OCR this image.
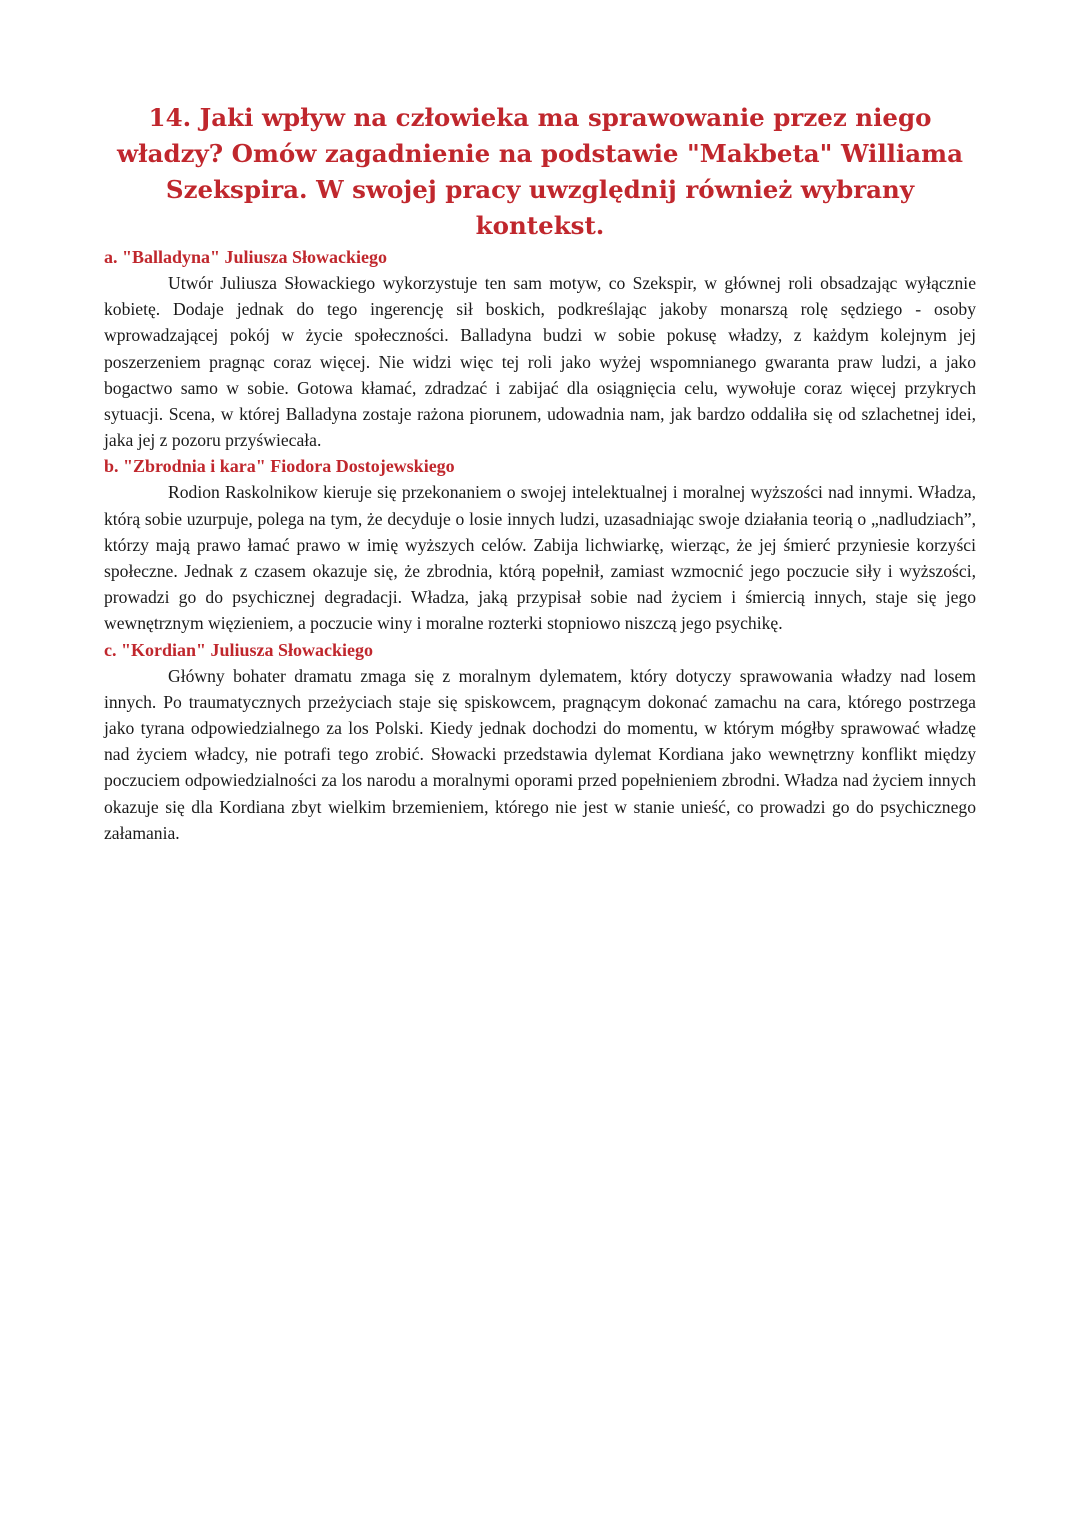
14. Jaki wpływ na człowieka ma sprawowanie przez niego władzy? Omów zagadnienie na podstawie "Makbeta" Williama Szekspira. W swojej pracy uwzględnij również wybrany kontekst.
a. "Balladyna" Juliusza Słowackiego

Utwór Juliusza Słowackiego wykorzystuje ten sam motyw, co Szekspir, w głównej roli obsadzając wyłącznie kobietę. Dodaje jednak do tego ingerencję sił boskich, podkreślając jakoby monarszą rolę sędziego - osoby wprowadzającej pokój w życie społeczności. Balladyna budzi w sobie pokusę władzy, z każdym kolejnym jej poszerzeniem pragnąc coraz więcej. Nie widzi więc tej roli jako wyżej wspomnianego gwaranta praw ludzi, a jako bogactwo samo w sobie. Gotowa kłamać, zdradzać i zabijać dla osiągnięcia celu, wywołuje coraz więcej przykrych sytuacji. Scena, w której Balladyna zostaje rażona piorunem, udowadnia nam, jak bardzo oddaliła się od szlachetnej idei, jaka jej z pozoru przyświecała.

b. "Zbrodnia i kara" Fiodora Dostojewskiego

Rodion Raskolnikow kieruje się przekonaniem o swojej intelektualnej i moralnej wyższości nad innymi. Władza, którą sobie uzurpuje, polega na tym, że decyduje o losie innych ludzi, uzasadniając swoje działania teorią o „nadludziach”, którzy mają prawo łamać prawo w imię wyższych celów. Zabija lichwiarkę, wierząc, że jej śmierć przyniesie korzyści społeczne. Jednak z czasem okazuje się, że zbrodnia, którą popełnił, zamiast wzmocnić jego poczucie siły i wyższości, prowadzi go do psychicznej degradacji. Władza, jaką przypisał sobie nad życiem i śmiercią innych, staje się jego wewnętrznym więzieniem, a poczucie winy i moralne rozterki stopniowo niszczą jego psychikę.

c. "Kordian" Juliusza Słowackiego

Główny bohater dramatu zmaga się z moralnym dylematem, który dotyczy sprawowania władzy nad losem innych. Po traumatycznych przeżyciach staje się spiskowcem, pragnącym dokonać zamachu na cara, którego postrzega jako tyrana odpowiedzialnego za los Polski. Kiedy jednak dochodzi do momentu, w którym mógłby sprawować władzę nad życiem władcy, nie potrafi tego zrobić. Słowacki przedstawia dylemat Kordiana jako wewnętrzny konflikt między poczuciem odpowiedzialności za los narodu a moralnymi oporami przed popełnieniem zbrodni. Władza nad życiem innych okazuje się dla Kordiana zbyt wielkim brzemieniem, którego nie jest w stanie unieść, co prowadzi go do psychicznego załamania.
